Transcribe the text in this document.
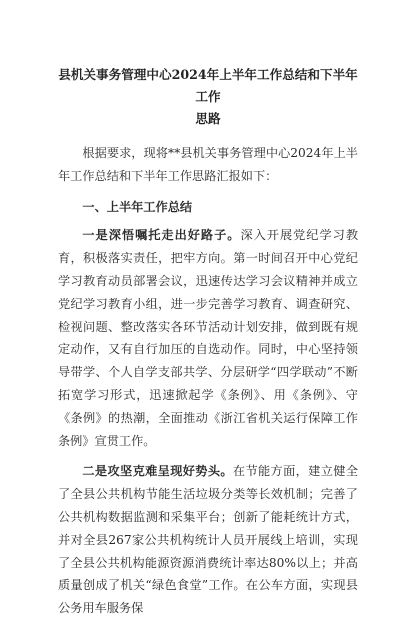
县机关事务管理中心2024年上半年工作总结和下半年工作
思路

根据要求，现将**县机关事务管理中心2024年上半年工作总结和下半年工作思路汇报如下：

一、上半年工作总结

一是深悟嘱托走出好路子。深入开展党纪学习教育，积极落实责任，把牢方向。第一时间召开中心党纪学习教育动员部署会议，迅速传达学习会议精神并成立党纪学习教育小组，进一步完善学习教育、调查研究、检视问题、整改落实各环节活动计划安排，做到既有规定动作，又有自行加压的自选动作。同时，中心坚持领导带学、个人自学支部共学、分层研学“四学联动”不断拓宽学习形式，迅速掀起学《条例》、用《条例》、守《条例》的热潮，全面推动《浙江省机关运行保障工作条例》宣贯工作。

二是攻坚克难呈现好势头。在节能方面，建立健全了全县公共机构节能生活垃圾分类等长效机制；完善了公共机构数据监测和采集平台；创新了能耗统计方式，并对全县267家公共机构统计人员开展线上培训，实现了全县公共机构能源资源消费统计率达80%以上；并高质量创成了机关“绿色食堂”工作。在公车方面，实现县公务用车服务保
